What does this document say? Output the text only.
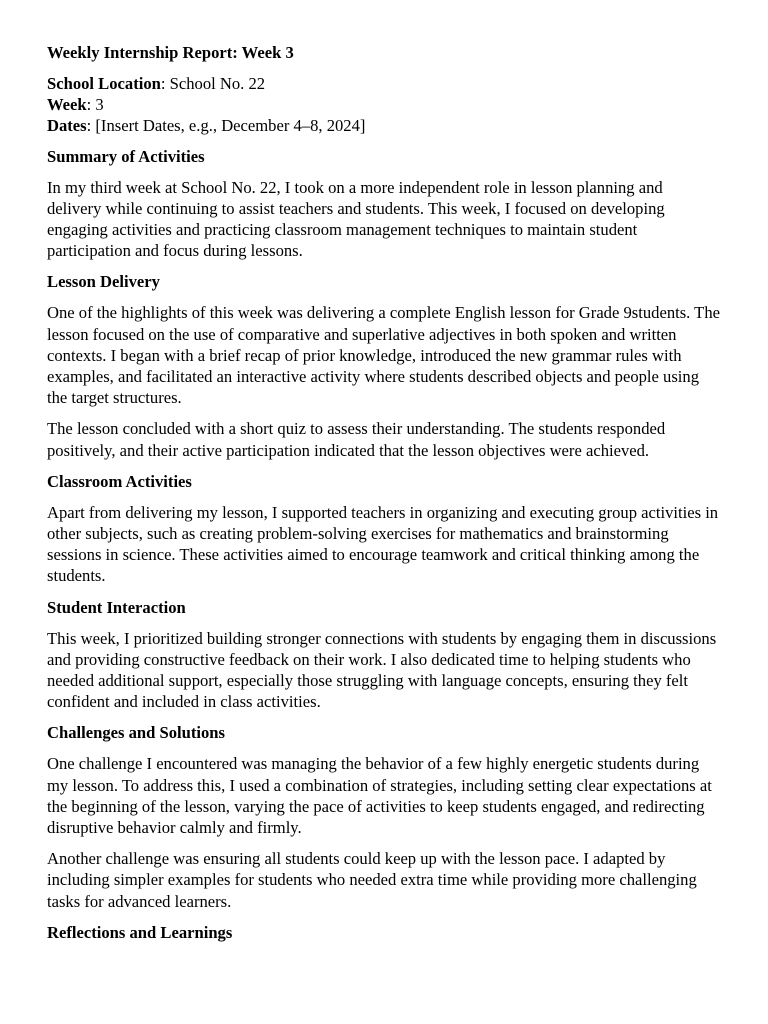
Weekly Internship Report: Week 3
School Location: School No. 22
Week: 3
Dates: [Insert Dates, e.g., December 4–8, 2024]
Summary of Activities

In my third week at School No. 22, I took on a more independent role in lesson planning and delivery while continuing to assist teachers and students. This week, I focused on developing engaging activities and practicing classroom management techniques to maintain student participation and focus during lessons.

Lesson Delivery

One of the highlights of this week was delivering a complete English lesson for Grade 9students. The lesson focused on the use of comparative and superlative adjectives in both spoken and written contexts. I began with a brief recap of prior knowledge, introduced the new grammar rules with examples, and facilitated an interactive activity where students described objects and people using the target structures.

The lesson concluded with a short quiz to assess their understanding. The students responded positively, and their active participation indicated that the lesson objectives were achieved.

Classroom Activities

Apart from delivering my lesson, I supported teachers in organizing and executing group activities in other subjects, such as creating problem-solving exercises for mathematics and brainstorming sessions in science. These activities aimed to encourage teamwork and critical thinking among the students.

Student Interaction

This week, I prioritized building stronger connections with students by engaging them in discussions and providing constructive feedback on their work. I also dedicated time to helping students who needed additional support, especially those struggling with language concepts, ensuring they felt confident and included in class activities.

Challenges and Solutions

One challenge I encountered was managing the behavior of a few highly energetic students during my lesson. To address this, I used a combination of strategies, including setting clear expectations at the beginning of the lesson, varying the pace of activities to keep students engaged, and redirecting disruptive behavior calmly and firmly.

Another challenge was ensuring all students could keep up with the lesson pace. I adapted by including simpler examples for students who needed extra time while providing more challenging tasks for advanced learners.

Reflections and Learnings
